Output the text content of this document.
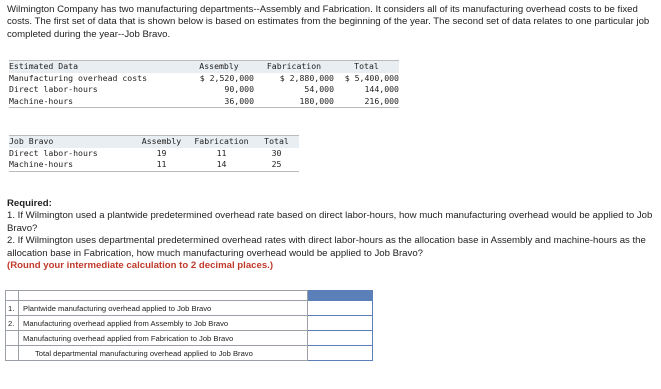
Wilmington Company has two manufacturing departments--Assembly and Fabrication. It considers all of its manufacturing overhead costs to be fixed costs. The first set of data that is shown below is based on estimates from the beginning of the year. The second set of data relates to one particular job completed during the year--Job Bravo.
Estimated Data	Assembly	Fabrication	Total
Manufacturing overhead costs	$ 2,520,000	$ 2,880,000	$ 5,400,000
Direct labor-hours	90,000	54,000	144,000
Machine-hours	36,000	180,000	216,000
Job Bravo	Assembly	Fabrication	Total
Direct labor-hours	19	11	30
Machine-hours	11	14	25
Required:
1. If Wilmington used a plantwide predetermined overhead rate based on direct labor-hours, how much manufacturing overhead would be applied to Job Bravo?
2. If Wilmington uses departmental predetermined overhead rates with direct labor-hours as the allocation base in Assembly and machine-hours as the allocation base in Fabrication, how much manufacturing overhead would be applied to Job Bravo?
(Round your intermediate calculation to 2 decimal places.)

1.	Plantwide manufacturing overhead applied to Job Bravo	

2.	Manufacturing overhead applied from Assembly to Job Bravo	

	Manufacturing overhead applied from Fabrication to Job Bravo	

	Total departmental manufacturing overhead applied to Job Bravo	
